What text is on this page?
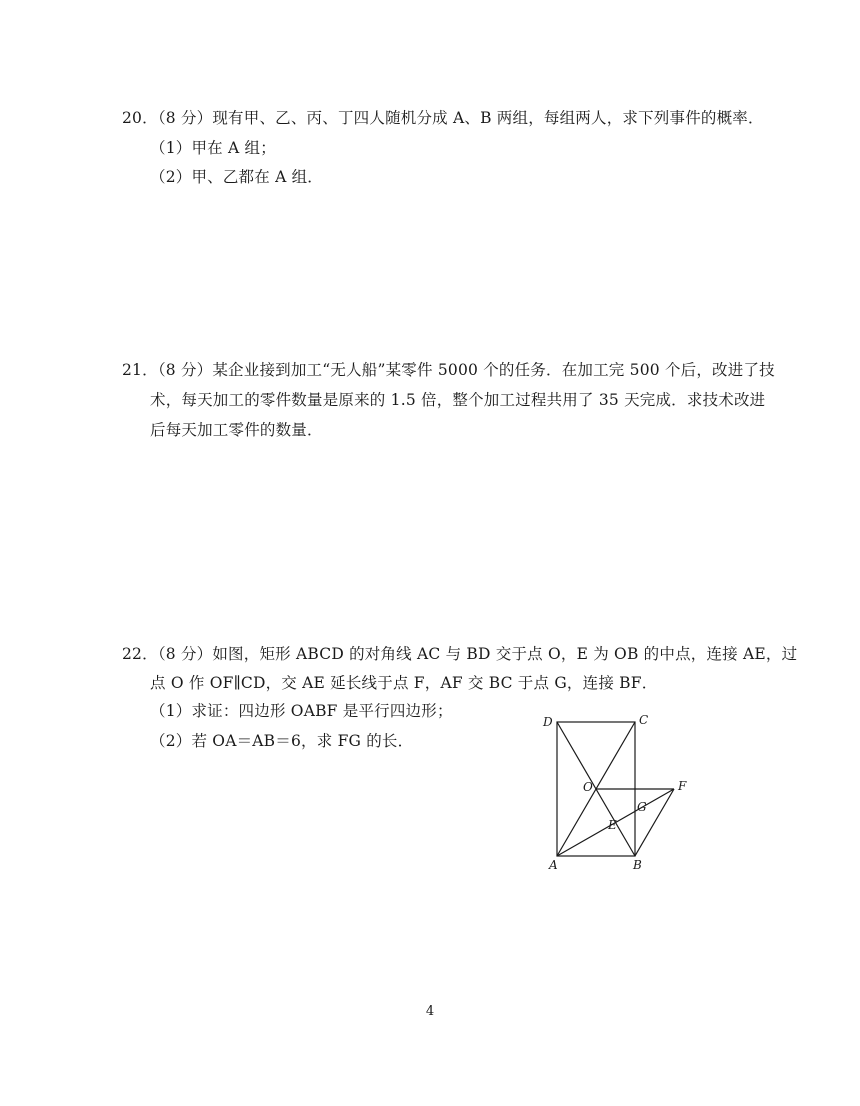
20．（8 分）现有甲、乙、丙、丁四人随机分成 A、B 两组，每组两人，求下列事件的概率．
（1）甲在 A 组；
（2）甲、乙都在 A 组．
21．（8 分）某企业接到加工“无人船”某零件 5000 个的任务．在加工完 500 个后，改进了技
术，每天加工的零件数量是原来的 1.5 倍，整个加工过程共用了 35 天完成．求技术改进
后每天加工零件的数量．
22．（8 分）如图，矩形 ABCD 的对角线 AC 与 BD 交于点 O，E 为 OB 的中点，连接 AE，过
点 O 作 OF∥CD，交 AE 延长线于点 F，AF 交 BC 于点 G，连接 BF．
（1）求证：四边形 OABF 是平行四边形；
（2）若 OA＝AB＝6，求 FG 的长．
D	C
O	F
G
E
A	B
4
